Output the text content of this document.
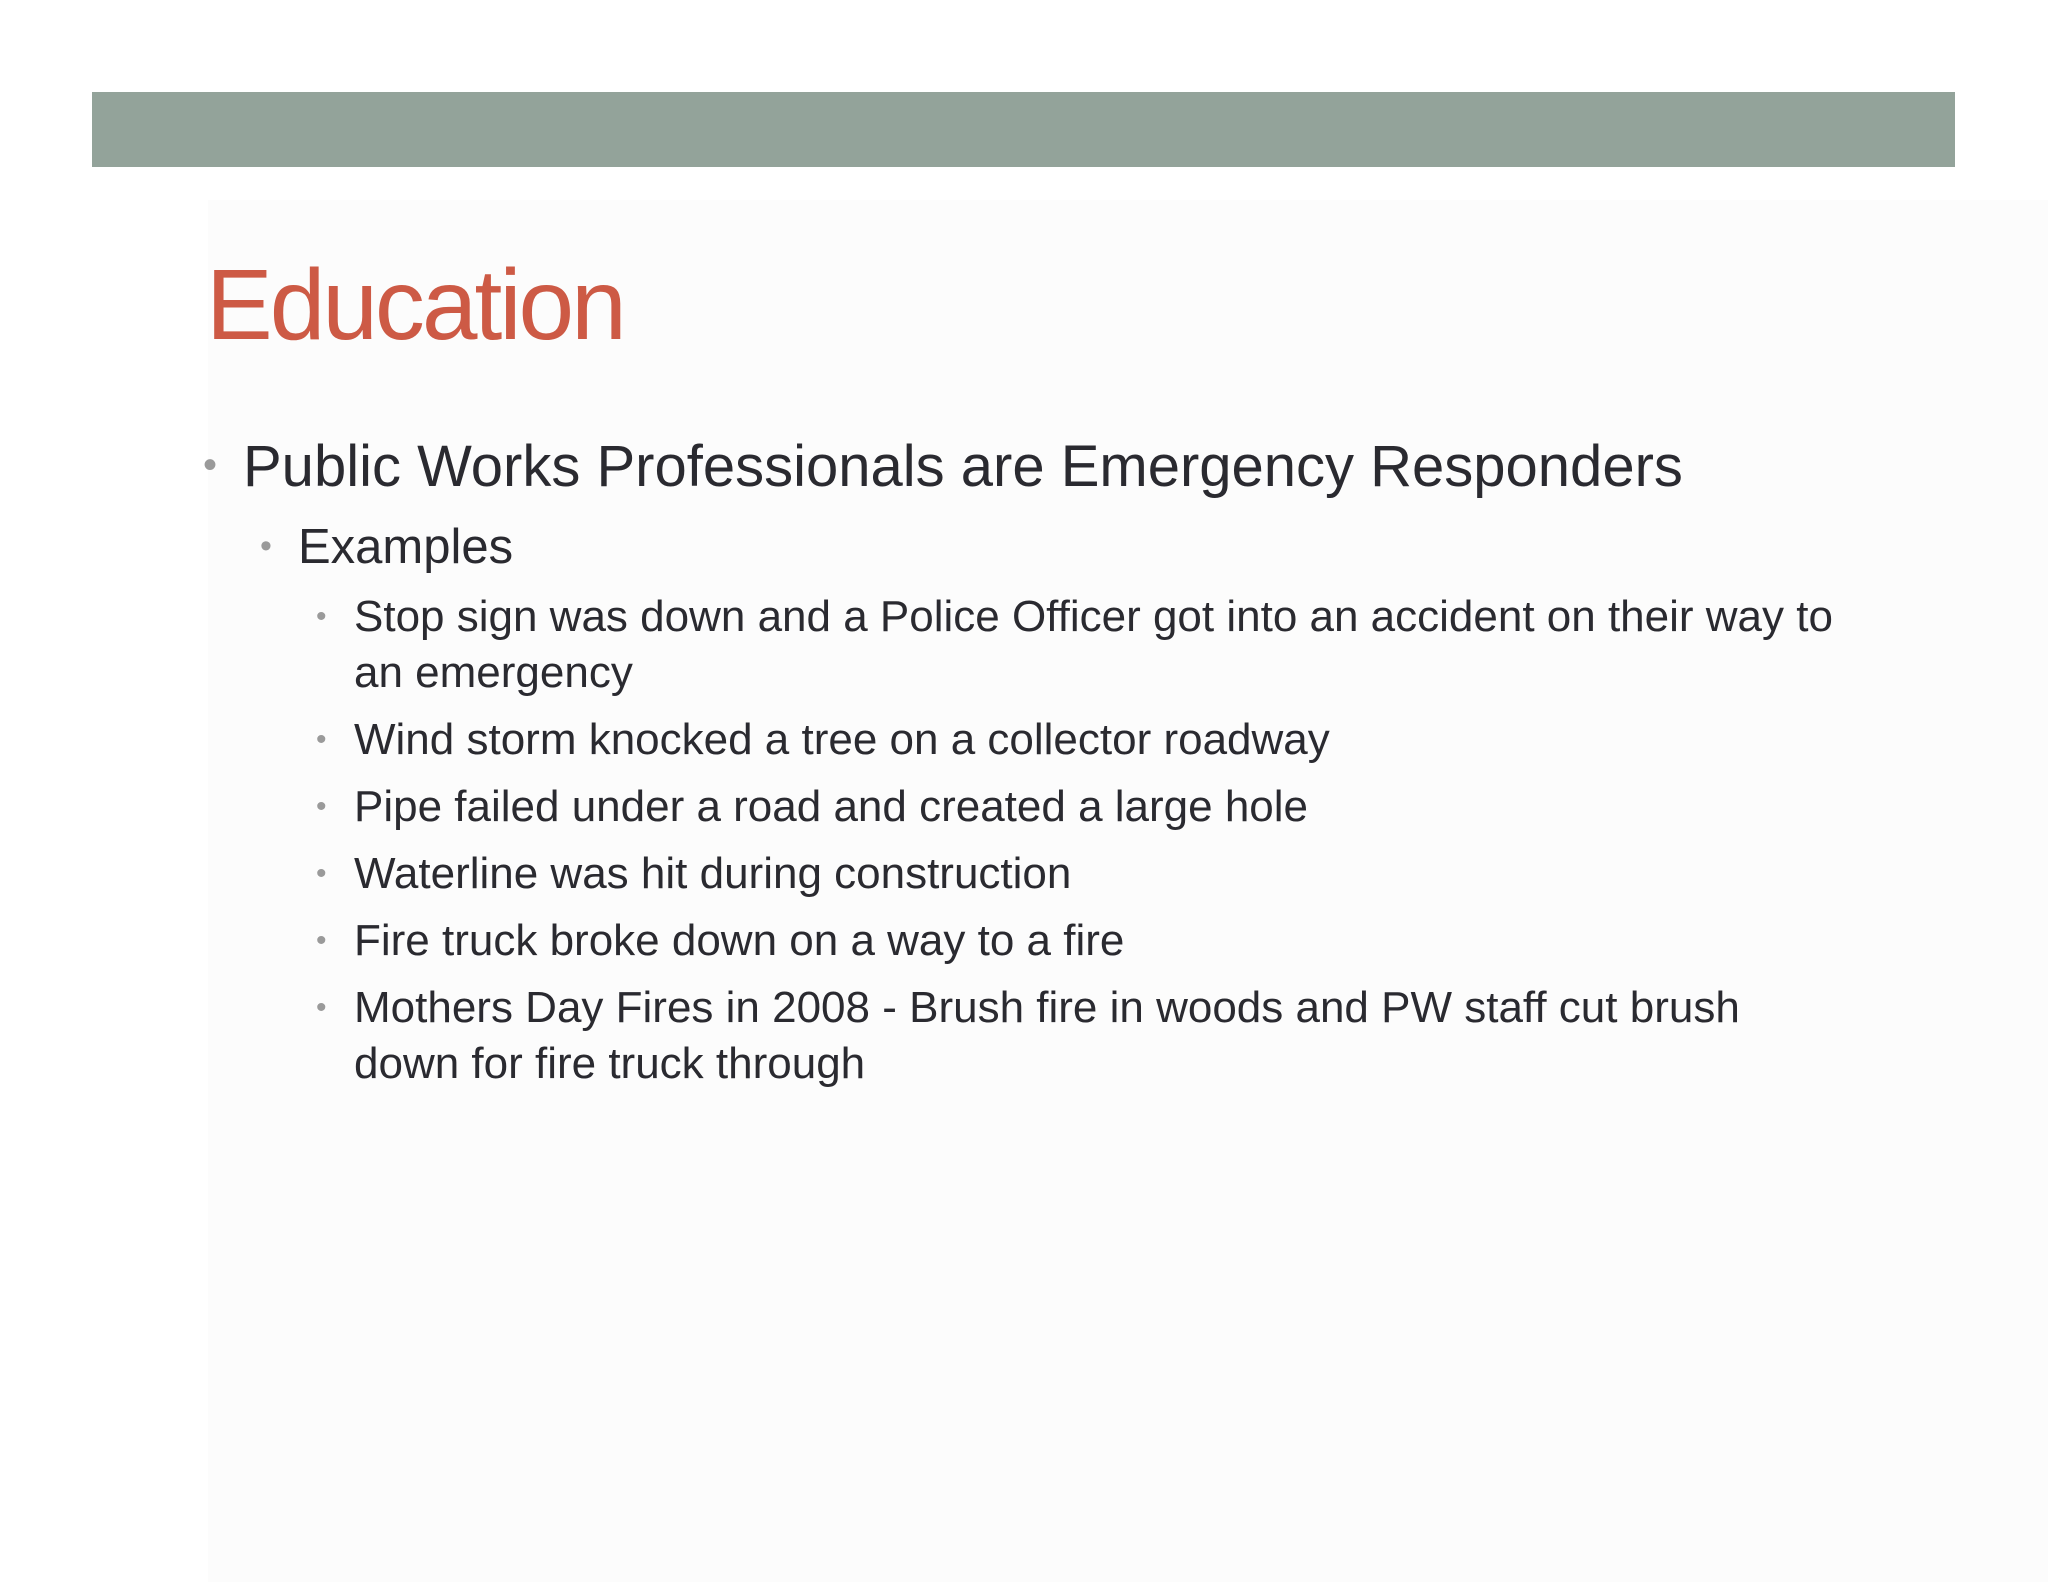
Education
• Public Works Professionals are Emergency Responders
• Examples
• Stop sign was down and a Police Officer got into an accident on their way to an emergency
• Wind storm knocked a tree on a collector roadway
• Pipe failed under a road and created a large hole
• Waterline was hit during construction
• Fire truck broke down on a way to a fire
• Mothers Day Fires in 2008 - Brush fire in woods and PW staff cut brush down for fire truck through
